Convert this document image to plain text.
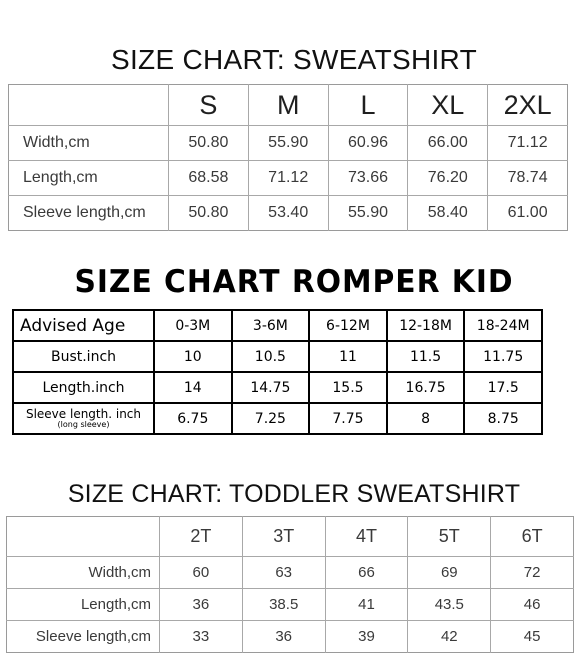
SIZE CHART: SWEATSHIRT
	S	M	L	XL	2XL
Width,cm	50.80	55.90	60.96	66.00	71.12
Length,cm	68.58	71.12	73.66	76.20	78.74
Sleeve length,cm	50.80	53.40	55.90	58.40	61.00
SIZE CHART ROMPER KID
Advised Age	0-3M	3-6M	6-12M	12-18M	18-24M
Bust.inch	10	10.5	11	11.5	11.75
Length.inch	14	14.75	15.5	16.75	17.5

Sleeve length. inch
(long sleeve)	6.75	7.25	7.75	8	8.75
SIZE CHART: TODDLER SWEATSHIRT
	2T	3T	4T	5T	6T
Width,cm	60	63	66	69	72
Length,cm	36	38.5	41	43.5	46
Sleeve length,cm	33	36	39	42	45
